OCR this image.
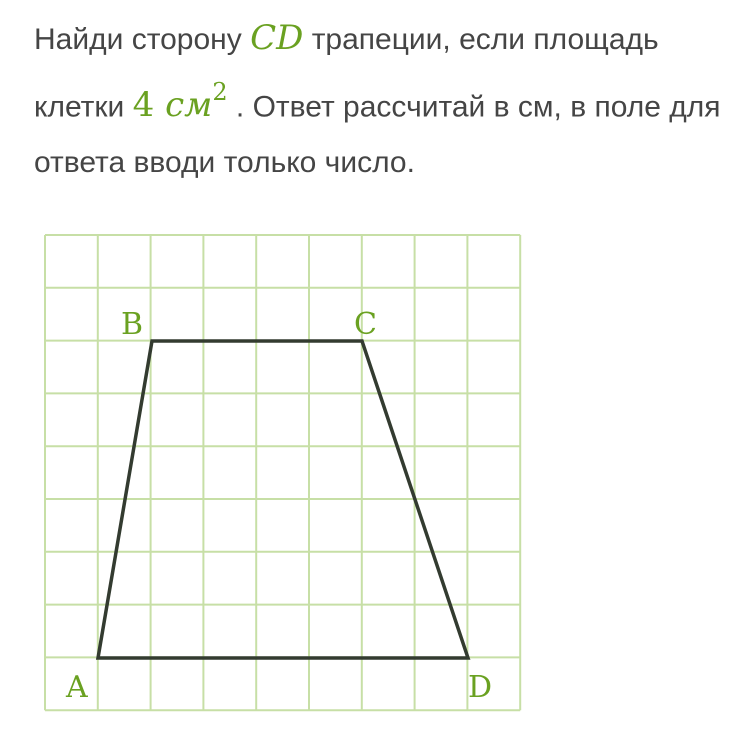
Найди сторону CD трапеции, если площадь клетки 4 $см^2$ . Ответ рассчитай в см, в поле для ответа вводи только число.

A
B	C
D
